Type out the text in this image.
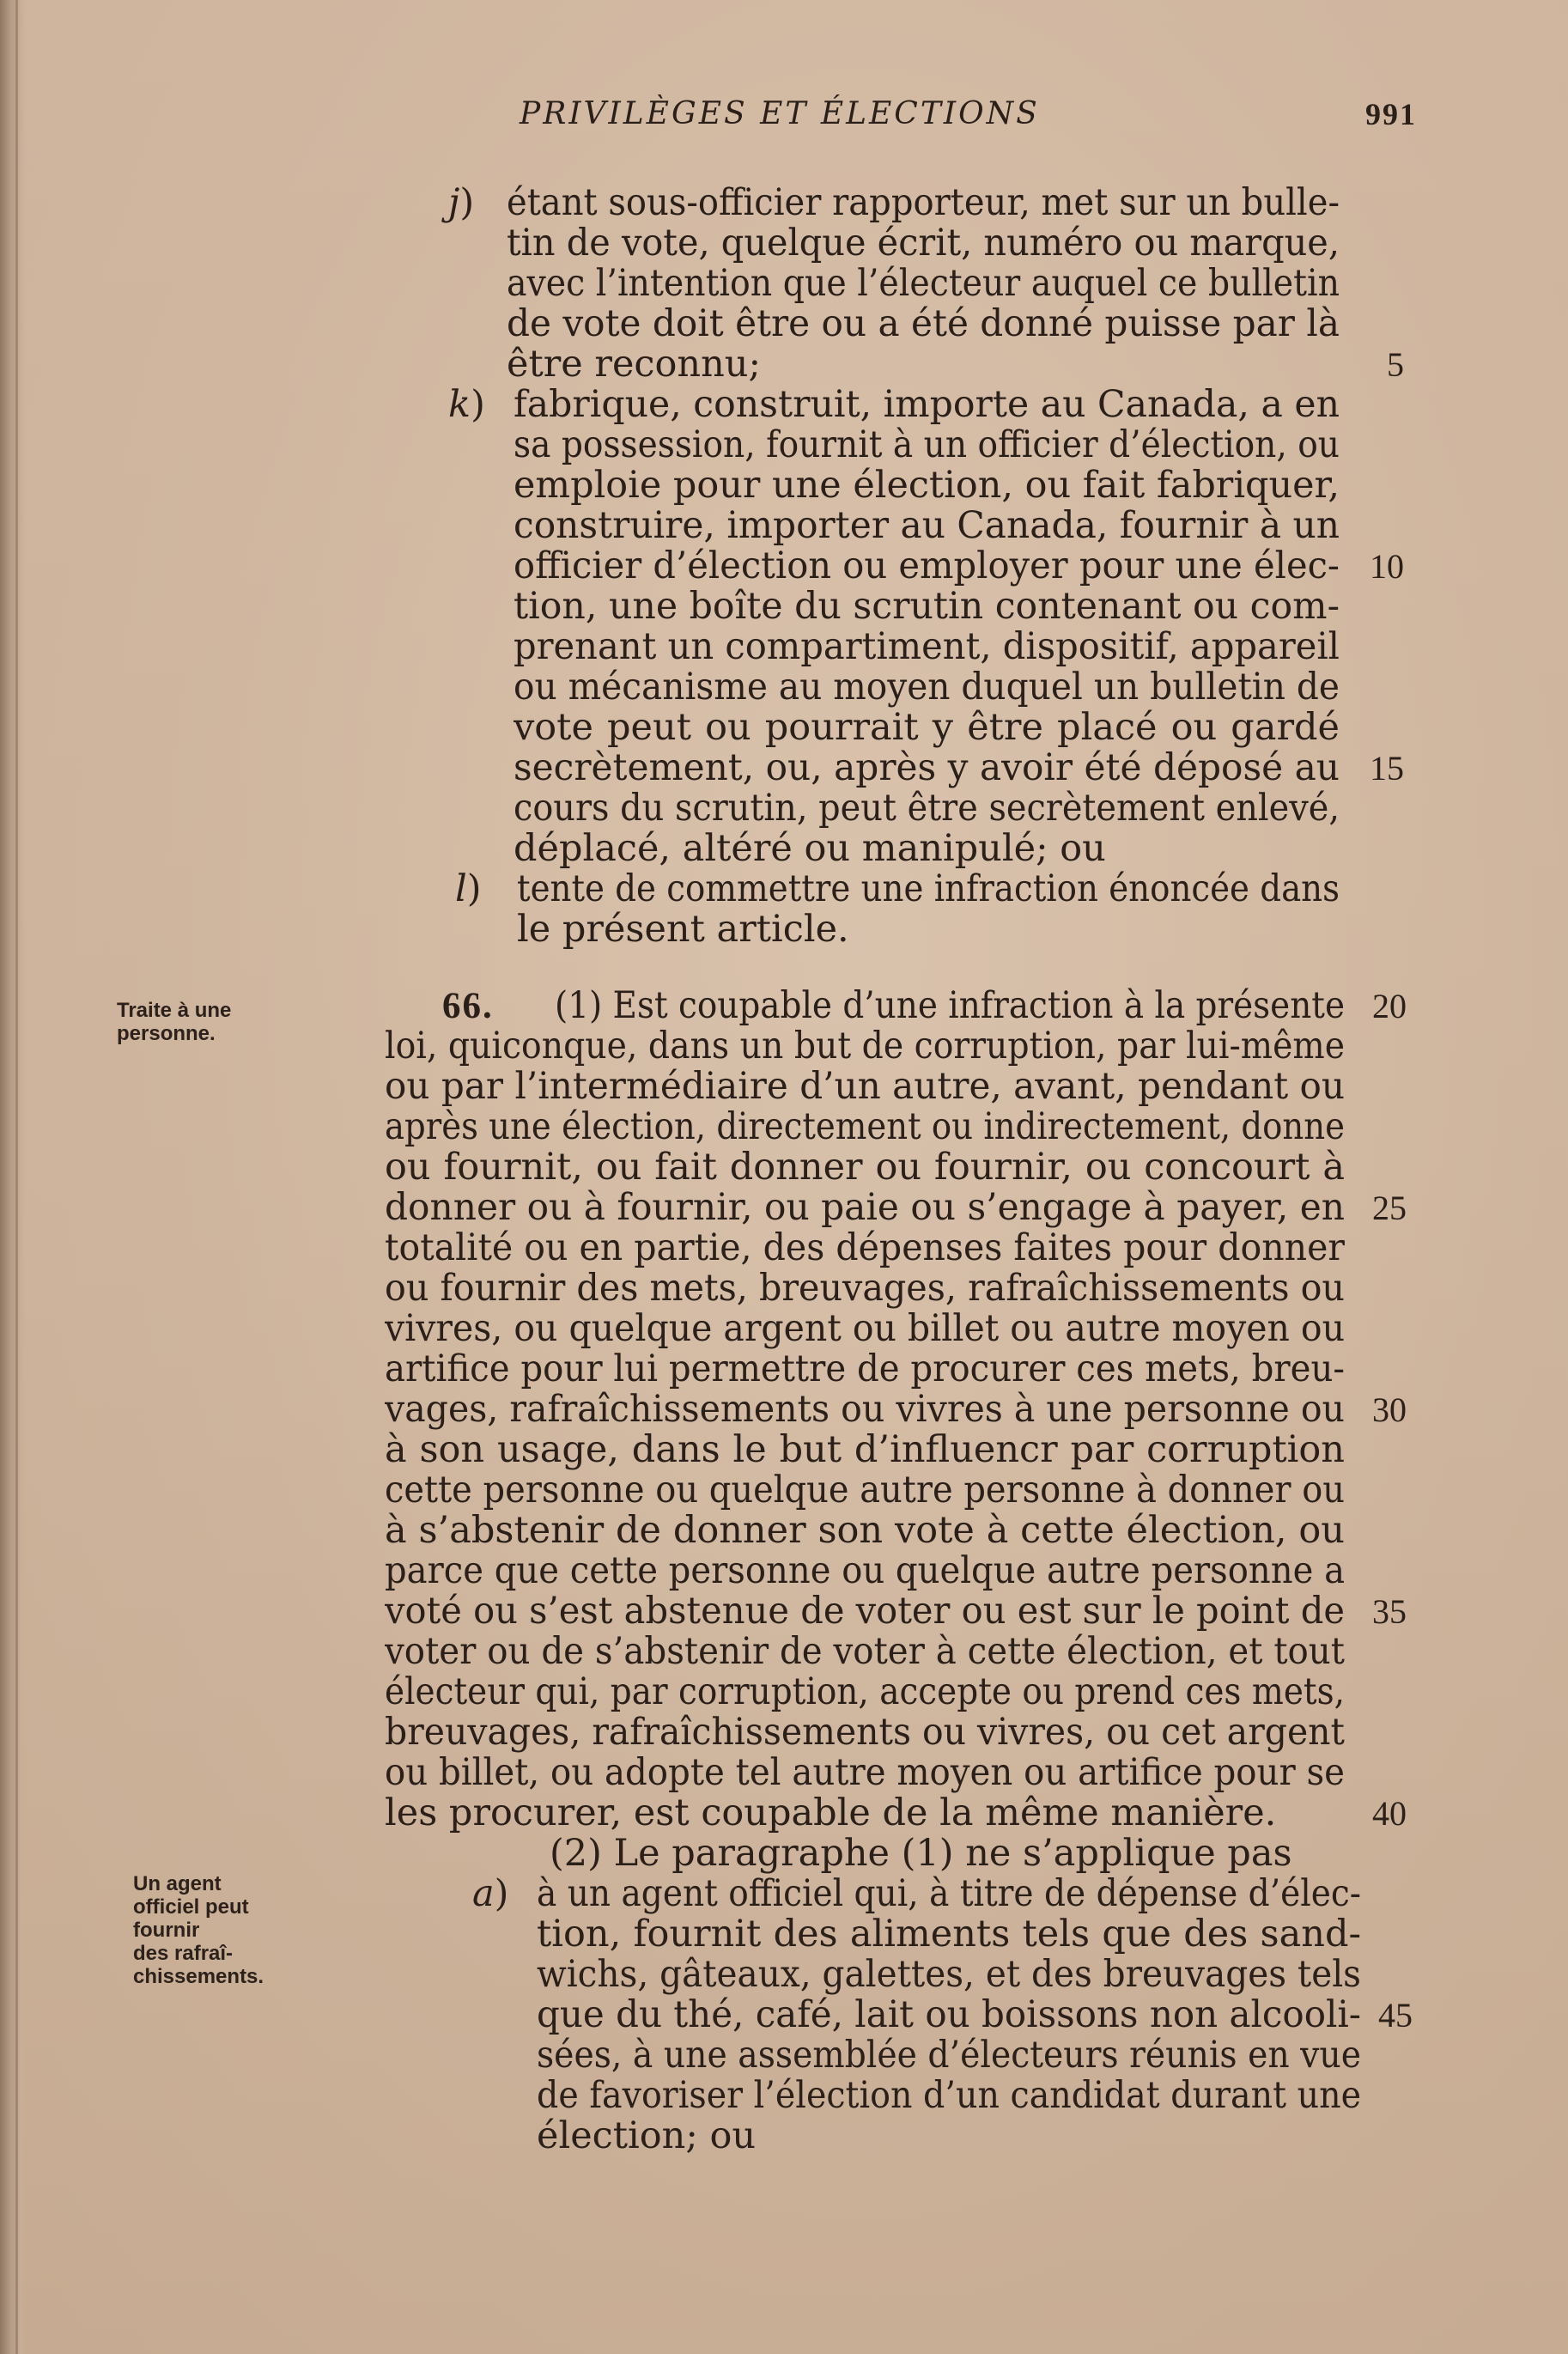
PRIVILÈGES ET ÉLECTIONS	991
j) étant sous-officier rapporteur, met sur un bulle-
tin de vote, quelque écrit, numéro ou marque,
avec l’intention que l’électeur auquel ce bulletin
de vote doit être ou a été donné puisse par là
être reconnu;
k) fabrique, construit, importe au Canada, a en
sa possession, fournit à un officier d’élection, ou
emploie pour une élection, ou fait fabriquer,
construire, importer au Canada, fournir à un
officier d’élection ou employer pour une élec-
tion, une boîte du scrutin contenant ou com-
prenant un compartiment, dispositif, appareil
ou mécanisme au moyen duquel un bulletin de
vote peut ou pourrait y être placé ou gardé
secrètement, ou, après y avoir été déposé au
cours du scrutin, peut être secrètement enlevé,
déplacé, altéré ou manipulé; ou
l) tente de commettre une infraction énoncée dans
le présent article.
Traite à une
personne.
66. (1) Est coupable d’une infraction à la présente
loi, quiconque, dans un but de corruption, par lui-même
ou par l’intermédiaire d’un autre, avant, pendant ou
après une élection, directement ou indirectement, donne
ou fournit, ou fait donner ou fournir, ou concourt à
donner ou à fournir, ou paie ou s’engage à payer, en
totalité ou en partie, des dépenses faites pour donner
ou fournir des mets, breuvages, rafraîchissements ou
vivres, ou quelque argent ou billet ou autre moyen ou
artifice pour lui permettre de procurer ces mets, breu-
vages, rafraîchissements ou vivres à une personne ou
à son usage, dans le but d’influencr par corruption
cette personne ou quelque autre personne à donner ou
à s’abstenir de donner son vote à cette élection, ou
parce que cette personne ou quelque autre personne a
voté ou s’est abstenue de voter ou est sur le point de
voter ou de s’abstenir de voter à cette élection, et tout
électeur qui, par corruption, accepte ou prend ces mets,
breuvages, rafraîchissements ou vivres, ou cet argent
ou billet, ou adopte tel autre moyen ou artifice pour se
les procurer, est coupable de la même manière.
(2) Le paragraphe (1) ne s’applique pas
Un agent
officiel peut
fournir
des rafraî-
chissements.
a) à un agent officiel qui, à titre de dépense d’élec-
tion, fournit des aliments tels que des sand-
wichs, gâteaux, galettes, et des breuvages tels
que du thé, café, lait ou boissons non alcooli-
sées, à une assemblée d’électeurs réunis en vue
de favoriser l’élection d’un candidat durant une
élection; ou
5
10
15
20
25
30
35
40
45
